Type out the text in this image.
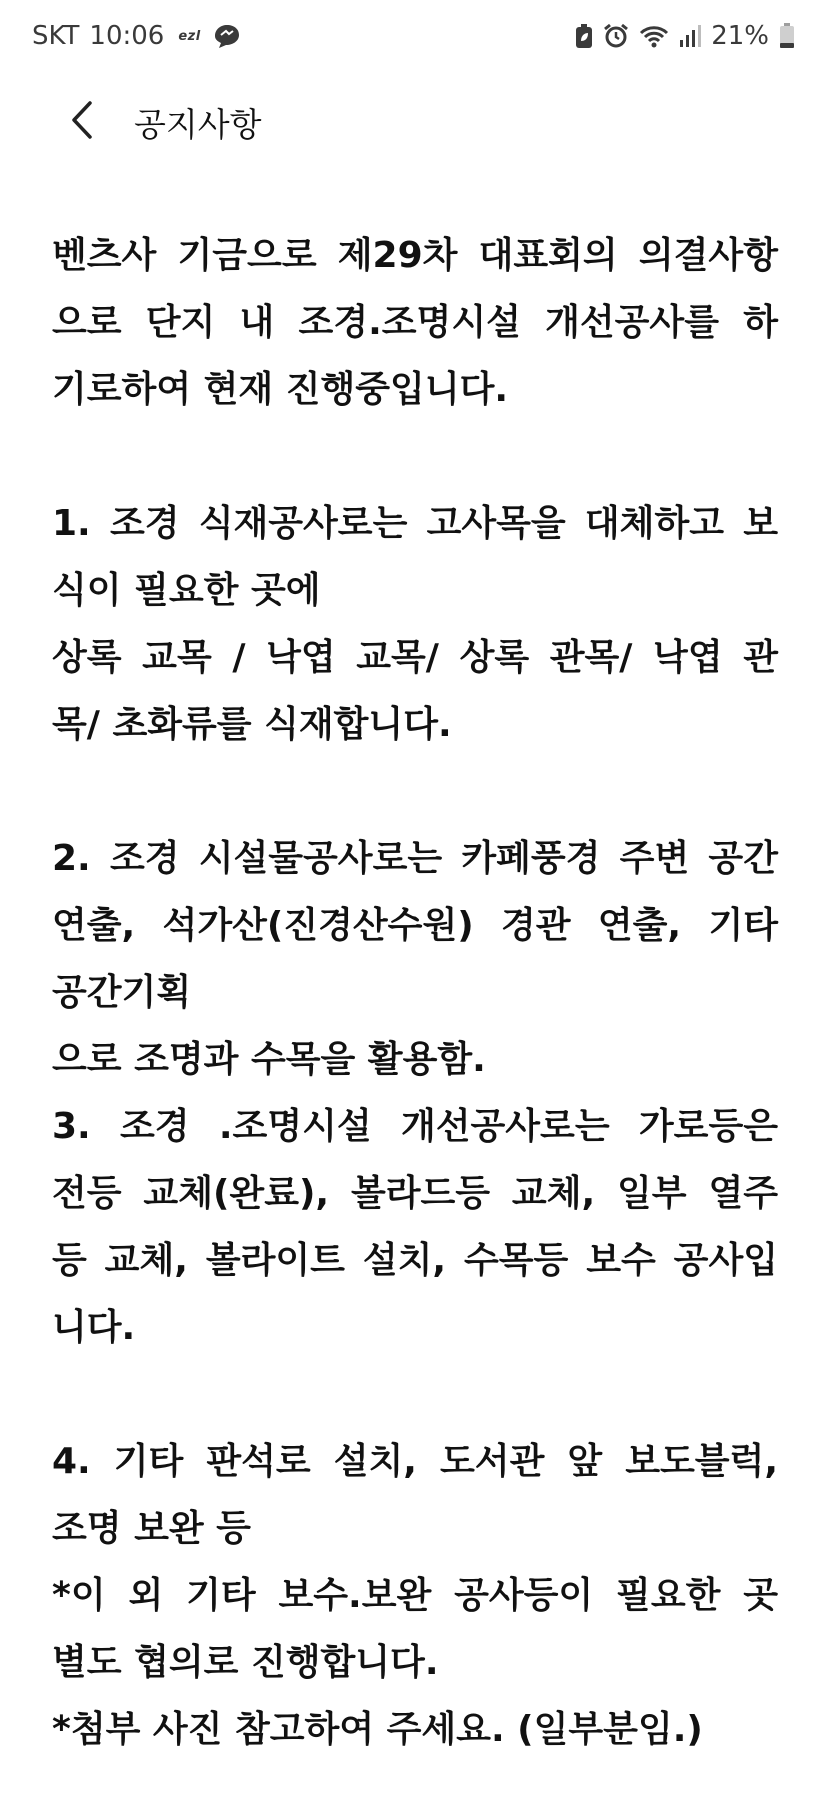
SKT 10:06 ezl	21%
공지사항
벤츠사 기금으로 제29차 대표회의 의결사항
으로 단지 내 조경.조명시설 개선공사를 하
기로하여 현재 진행중입니다.
1. 조경 식재공사로는 고사목을 대체하고 보
식이 필요한 곳에
상록 교목 / 낙엽 교목/ 상록 관목/ 낙엽 관
목/ 초화류를 식재합니다.
2. 조경 시설물공사로는 카페풍경 주변 공간
연출, 석가산(진경산수원) 경관 연출, 기타
공간기획
으로 조명과 수목을 활용함.
3. 조경 .조명시설 개선공사로는 가로등은
전등 교체(완료), 볼라드등 교체, 일부 열주
등 교체, 볼라이트 설치, 수목등 보수 공사입
니다.
4. 기타 판석로 설치, 도서관 앞 보도블럭,
조명 보완 등
*이 외 기타 보수.보완 공사등이 필요한 곳
별도 협의로 진행합니다.
*첨부 사진 참고하여 주세요. (일부분임.)
